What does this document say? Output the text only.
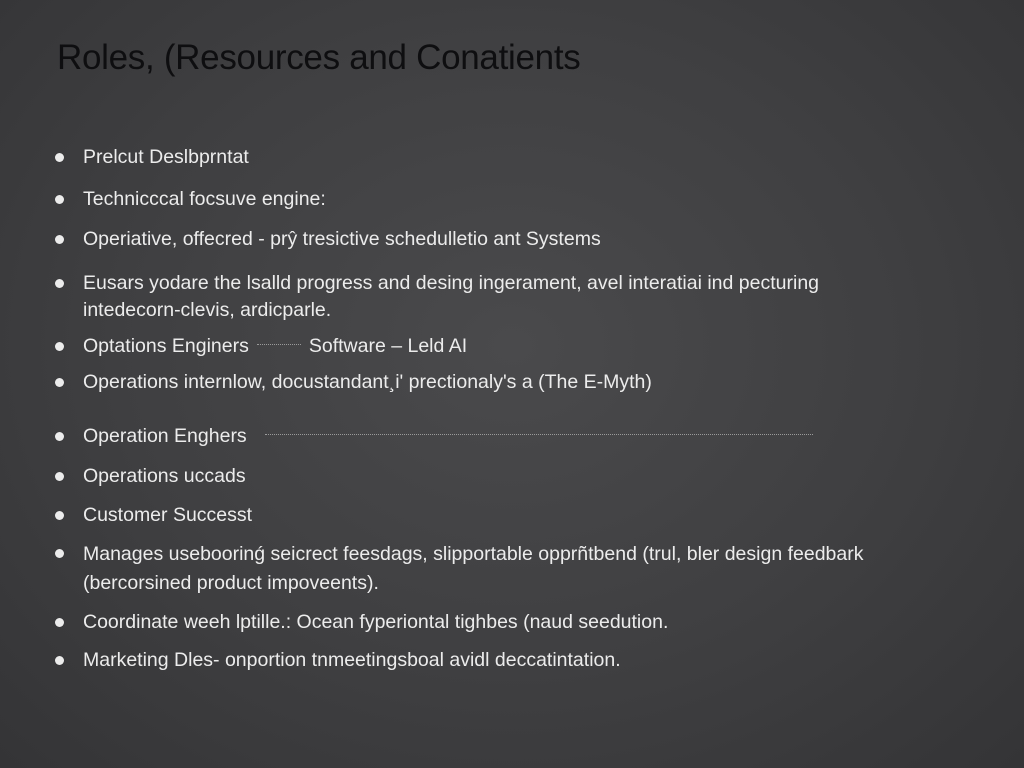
Roles, (Resources and Conatients
Prelcut Deslbprntat
Technicccal focsuve engine:
Operiative, offecred - prŷ tresictive schedulletio ant Systems
Eusars yodare the lsalld progress and desing ingerament, avel interatiai ind pecturing intedecorn-clevis, ardicparle.
Optations Enginers	Software – Leld AI
Operations internlow, docustandant¸i' prectionaly's a (The E-Myth)
Operation Enghers
Operations uccads
Customer Successt
Manages useboorinǵ seicrect feesdags, slipportable opprñtbend (trul, bler design feedbark (bercorsined product impoveents).
Coordinate weeh lptille.: Ocean fyperiontal tighbes (naud seedution.
Marketing Dles- onportion tnmeetingsboal avidl deccatintation.
